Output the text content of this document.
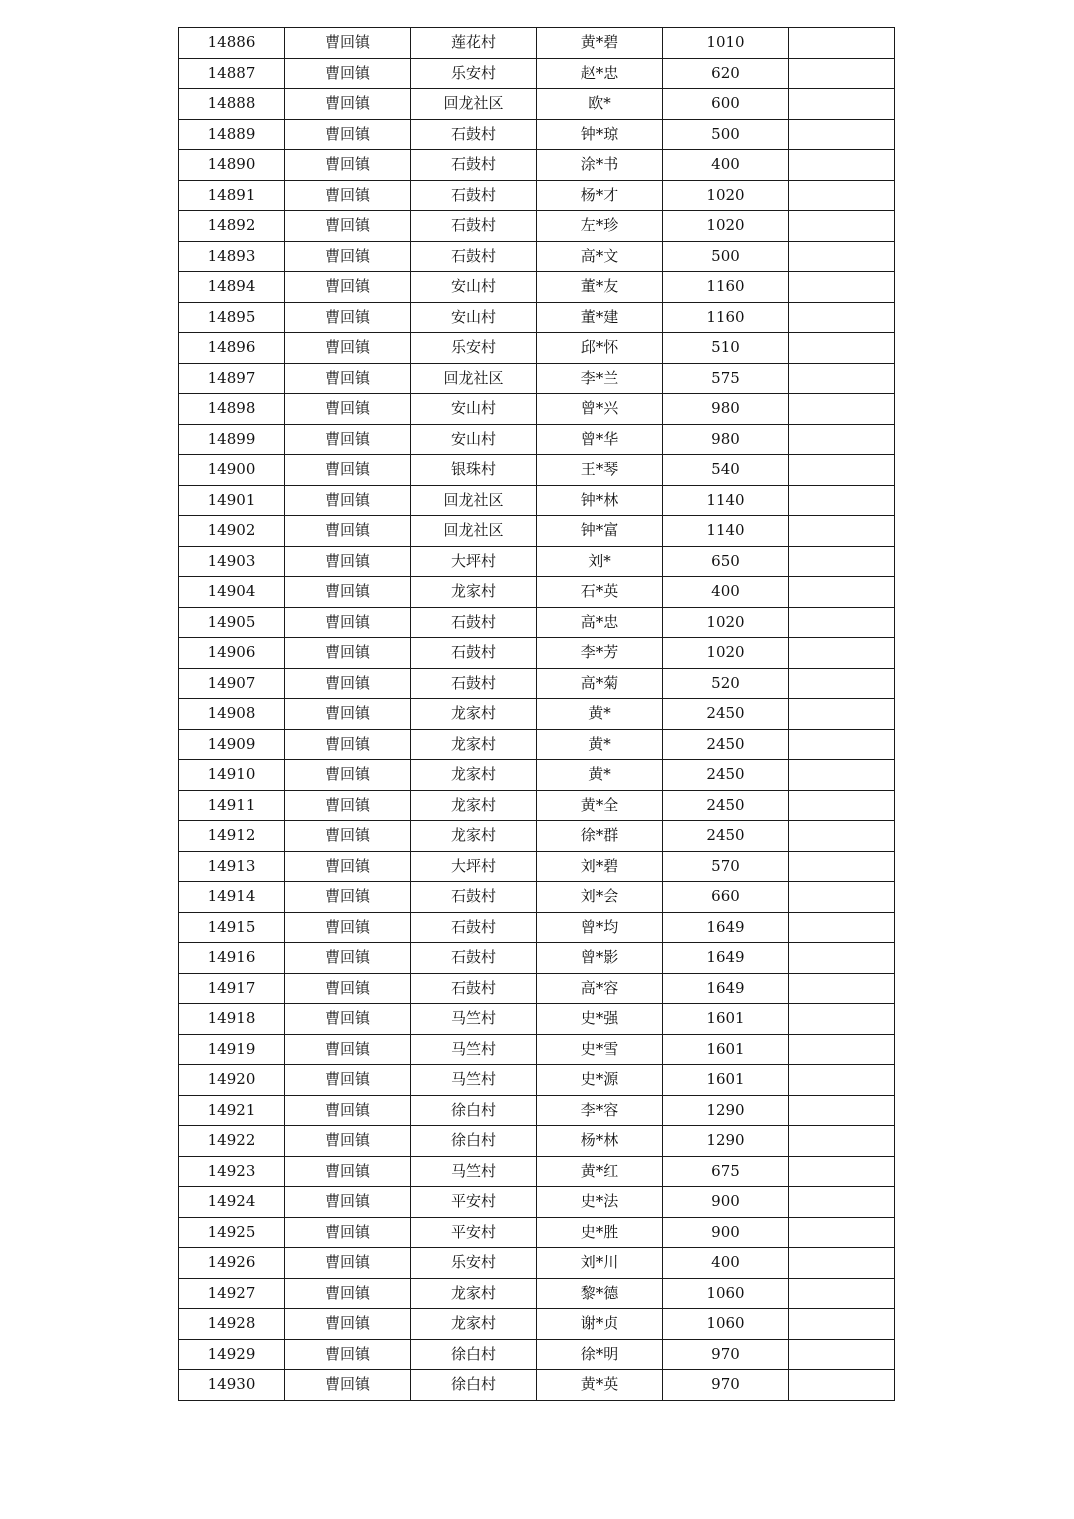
14886	曹回镇	莲花村	黄*碧	1010	
14887	曹回镇	乐安村	赵*忠	620	
14888	曹回镇	回龙社区	欧*	600	
14889	曹回镇	石鼓村	钟*琼	500	
14890	曹回镇	石鼓村	涂*书	400	
14891	曹回镇	石鼓村	杨*才	1020	
14892	曹回镇	石鼓村	左*珍	1020	
14893	曹回镇	石鼓村	高*文	500	
14894	曹回镇	安山村	董*友	1160	
14895	曹回镇	安山村	董*建	1160	
14896	曹回镇	乐安村	邱*怀	510	
14897	曹回镇	回龙社区	李*兰	575	
14898	曹回镇	安山村	曾*兴	980	
14899	曹回镇	安山村	曾*华	980	
14900	曹回镇	银珠村	王*琴	540	
14901	曹回镇	回龙社区	钟*林	1140	
14902	曹回镇	回龙社区	钟*富	1140	
14903	曹回镇	大坪村	刘*	650	
14904	曹回镇	龙家村	石*英	400	
14905	曹回镇	石鼓村	高*忠	1020	
14906	曹回镇	石鼓村	李*芳	1020	
14907	曹回镇	石鼓村	高*菊	520	
14908	曹回镇	龙家村	黄*	2450	
14909	曹回镇	龙家村	黄*	2450	
14910	曹回镇	龙家村	黄*	2450	
14911	曹回镇	龙家村	黄*全	2450	
14912	曹回镇	龙家村	徐*群	2450	
14913	曹回镇	大坪村	刘*碧	570	
14914	曹回镇	石鼓村	刘*会	660	
14915	曹回镇	石鼓村	曾*均	1649	
14916	曹回镇	石鼓村	曾*影	1649	
14917	曹回镇	石鼓村	高*容	1649	
14918	曹回镇	马竺村	史*强	1601	
14919	曹回镇	马竺村	史*雪	1601	
14920	曹回镇	马竺村	史*源	1601	
14921	曹回镇	徐白村	李*容	1290	
14922	曹回镇	徐白村	杨*林	1290	
14923	曹回镇	马竺村	黄*红	675	
14924	曹回镇	平安村	史*法	900	
14925	曹回镇	平安村	史*胜	900	
14926	曹回镇	乐安村	刘*川	400	
14927	曹回镇	龙家村	黎*德	1060	
14928	曹回镇	龙家村	谢*贞	1060	
14929	曹回镇	徐白村	徐*明	970	
14930	曹回镇	徐白村	黄*英	970	
